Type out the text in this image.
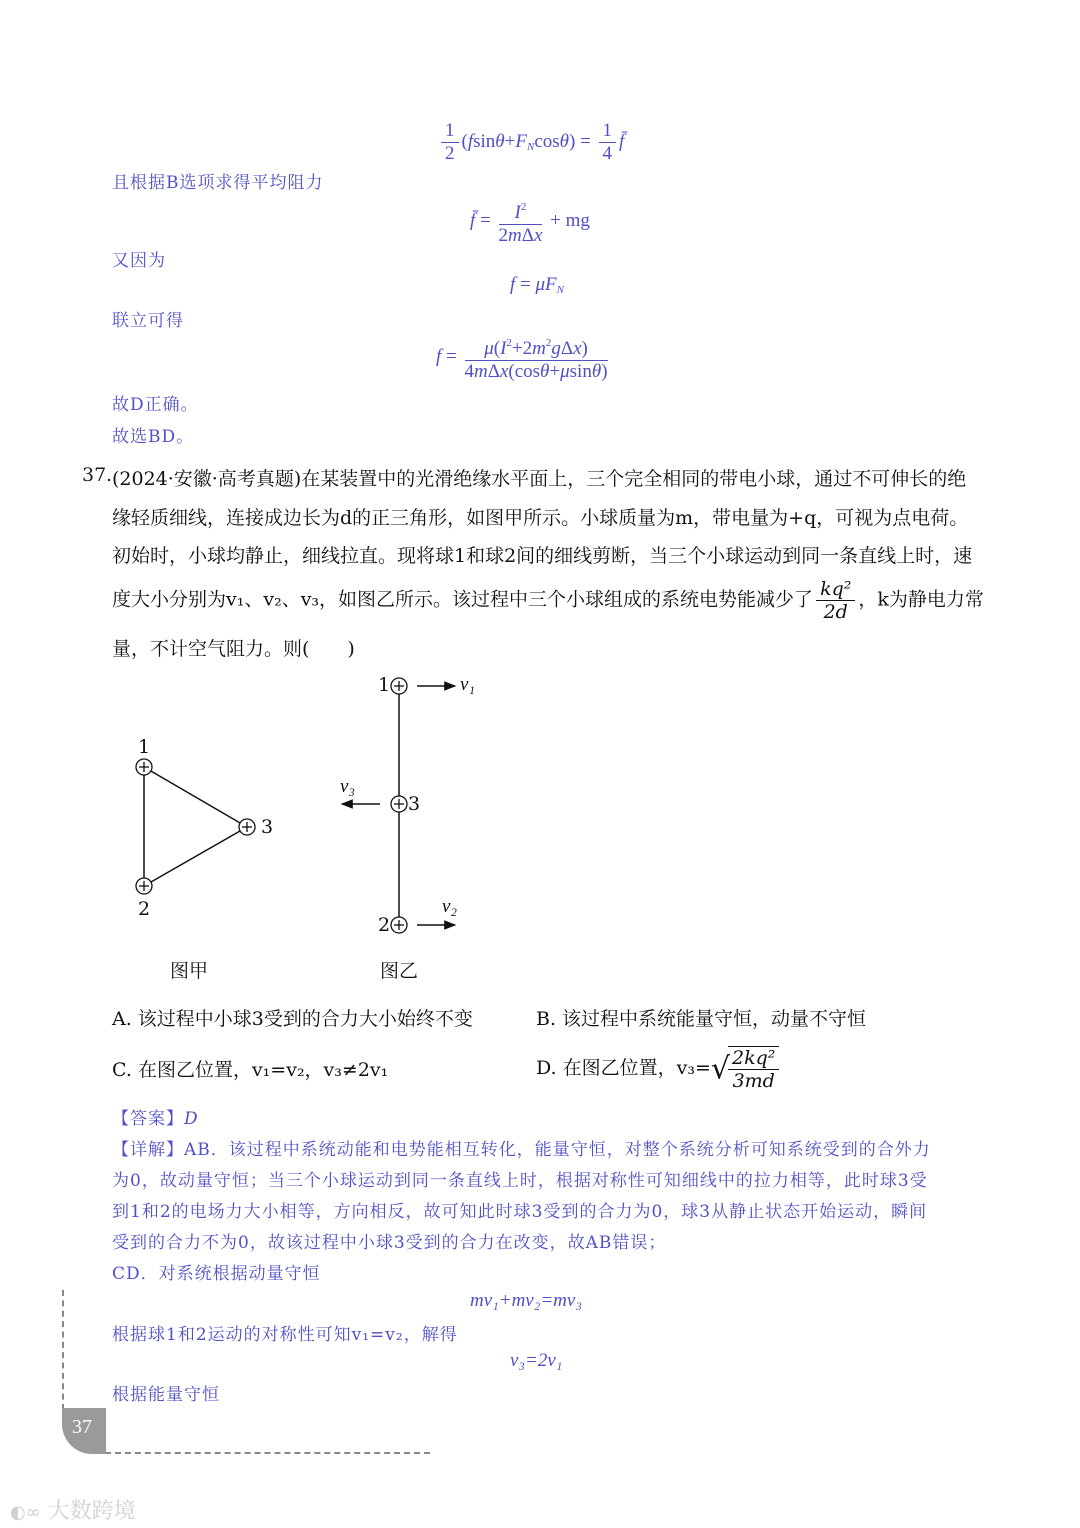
$\frac{1}{2} (fsin\theta+F_N\cos\theta) = \frac{1}{4}$ f̄
且根据B选项求得平均阻力
f̄ = $\frac{I^2}{\text{2mΔx}}$ + mg
又因为
$f = \mu F_N$
联立可得
$f = \frac{\mu(I^2+2m^2g\Delta x)}{\text{4mΔx(cosθ+μsinθ)}}$
故D正确。
故选BD。
37. (2024·安徽·高考真题)在某装置中的光滑绝缘水平面上，三个完全相同的带电小球，通过不可伸长的绝
缘轻质细线，连接成边长为d的正三角形，如图甲所示。小球质量为m，带电量为+q，可视为点电荷。
初始时，小球均静止，细线拉直。现将球1和球2间的细线剪断，当三个小球运动到同一条直线上时，速
度大小分别为v₁、v₂、v₃，如图乙所示。该过程中三个小球组成的系统电势能减少了 $\frac{\text{kq²}}{2d}$ ，k为静电力常
量，不计空气阻力。则(　　)
1
2
3
1
3
2
v₁
v₃
v₂
图甲	图乙
A. 该过程中小球3受到的合力大小始终不变	B. 该过程中系统能量守恒，动量不守恒
C. 在图乙位置，v₁=v₂，v₃≠2v₁	D. 在图乙位置，v₃=√
$\frac{\text{2kq²}}{3md}$
【答案】D
【详解】AB．该过程中系统动能和电势能相互转化，能量守恒，对整个系统分析可知系统受到的合外力
为0，故动量守恒；当三个小球运动到同一条直线上时，根据对称性可知细线中的拉力相等，此时球3受
到1和2的电场力大小相等，方向相反，故可知此时球3受到的合力为0，球3从静止状态开始运动，瞬间
受到的合力不为0，故该过程中小球3受到的合力在改变，故AB错误；
CD．对系统根据动量守恒
mv₁+mv₂=mv₃
根据球1和2运动的对称性可知v₁=v₂，解得
v₃=2v₁
根据能量守恒
37
◐∞ 大数跨境
